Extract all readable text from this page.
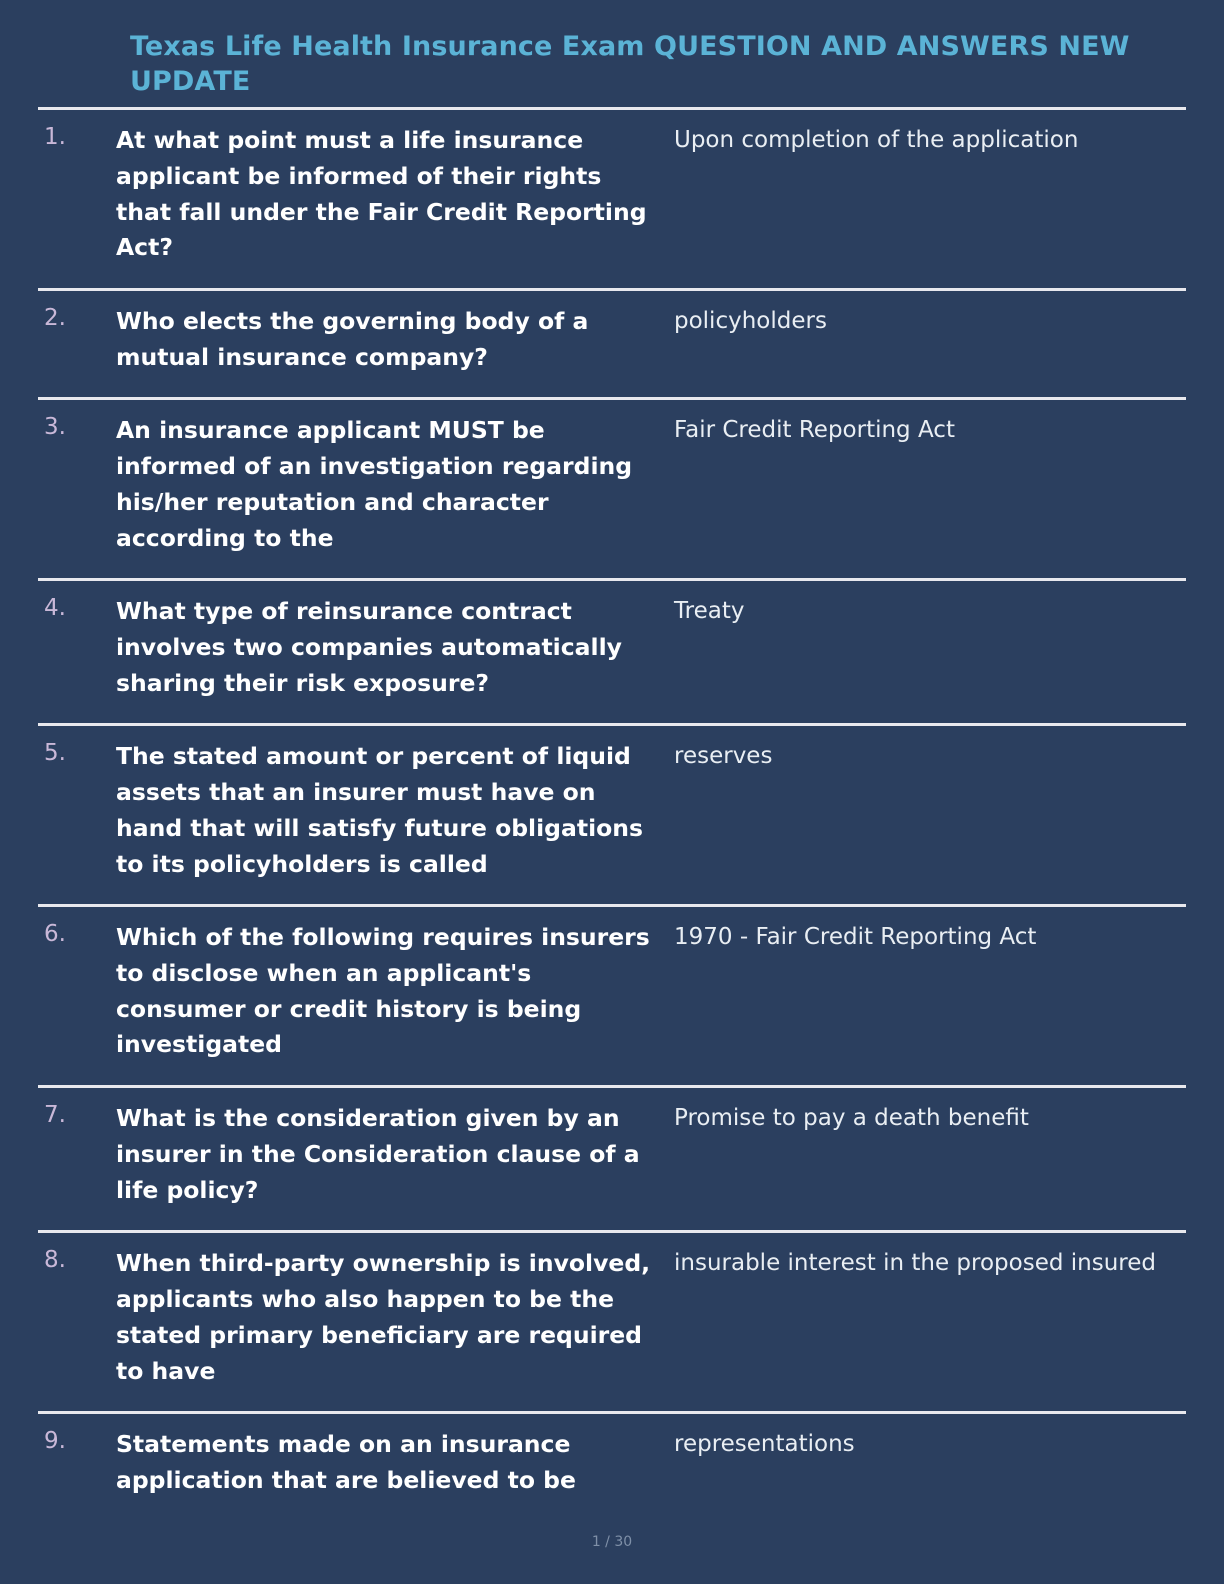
Texas Life Health Insurance Exam QUESTION AND ANSWERS NEW UPDATE
1.	At what point must a life insurance applicant be informed of their rights that fall under the Fair Credit Reporting Act?	Upon completion of the application
2.	Who elects the governing body of a mutual insurance company?	policyholders
3.	An insurance applicant MUST be informed of an investigation regarding his/her reputation and character according to the	Fair Credit Reporting Act
4.	What type of reinsurance contract involves two companies automatically sharing their risk exposure?	Treaty
5.	The stated amount or percent of liquid assets that an insurer must have on hand that will satisfy future obligations to its policyholders is called	reserves
6.	Which of the following requires insurers to disclose when an applicant's consumer or credit history is being investigated	1970 - Fair Credit Reporting Act
7.	What is the consideration given by an insurer in the Consideration clause of a life policy?	Promise to pay a death benefit
8.	When third-party ownership is involved, applicants who also happen to be the stated primary beneficiary are required to have	insurable interest in the proposed insured
9.	Statements made on an insurance application that are believed to be	representations
1 / 30
